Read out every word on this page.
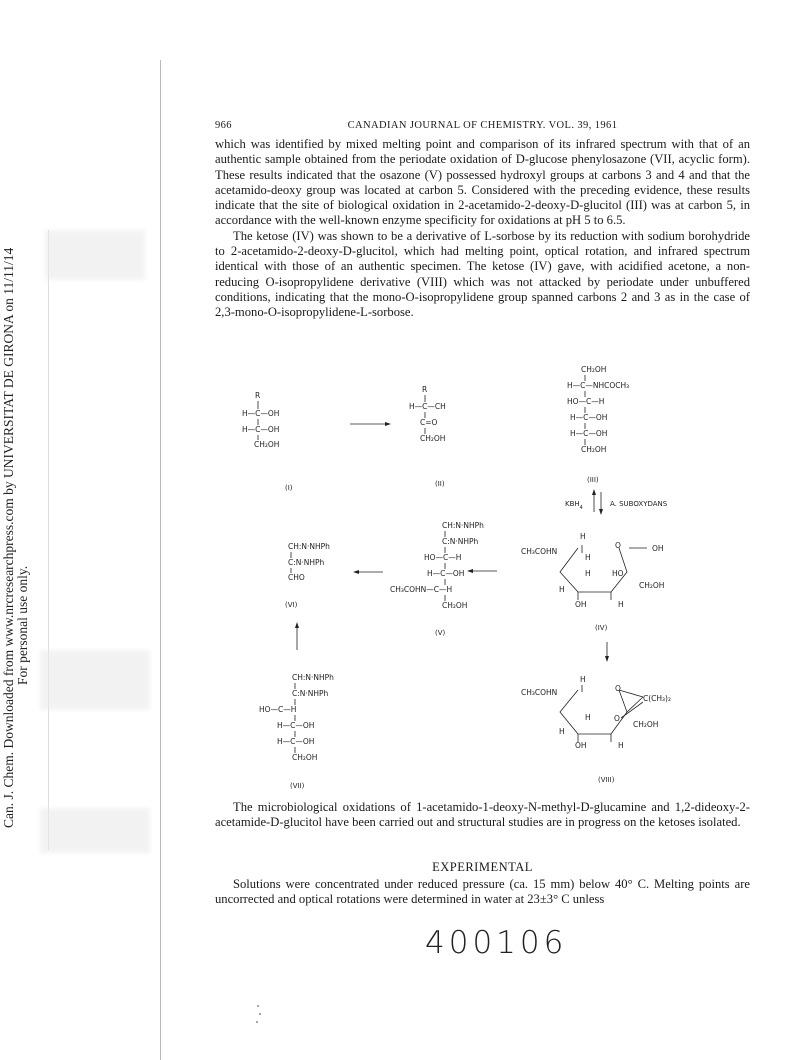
Can. J. Chem. Downloaded from www.nrcresearchpress.com by UNIVERSITAT DE GIRONA on 11/11/14 For personal use only.
966	CANADIAN JOURNAL OF CHEMISTRY. VOL. 39, 1961

which was identified by mixed melting point and comparison of its infrared spectrum with that of an authentic sample obtained from the periodate oxidation of D-glucose phenylosazone (VII, acyclic form). These results indicated that the osazone (V) possessed hydroxyl groups at carbons 3 and 4 and that the acetamido-deoxy group was located at carbon 5. Considered with the preceding evidence, these results indicate that the site of biological oxidation in 2-acetamido-2-deoxy-D-glucitol (III) was at carbon 5, in accordance with the well-known enzyme specificity for oxidations at pH 5 to 6.5.

The ketose (IV) was shown to be a derivative of L-sorbose by its reduction with sodium borohydride to 2-acetamido-2-deoxy-D-glucitol, which had melting point, optical rotation, and infrared spectrum identical with those of an authentic specimen. The ketose (IV) gave, with acidified acetone, a non-reducing O-isopropylidene derivative (VIII) which was not attacked by periodate under unbuffered conditions, indicating that the mono-O-isopropylidene group spanned carbons 2 and 3 as in the case of 2,3-mono-O-isopropylidene-L-sorbose.

R
H—C—OH
H—C—OH
CH₂OH
R
H—C—CH
C=O
CH₂OH
CH₂OH
H—C—NHCOCH₃
HO—C—H
H—C—OH
H—C—OH
CH₂OH
(I)	(II)	(III)
$KBH_4$	A. SUBOXYDANS
CH:N·NHPh
C:N·NHPh
CHO
(VI)
CH:N·NHPh
C:N·NHPh
HO—C—H
H—C—OH
CH₃COHN—C—H
CH₂OH
(V)
CH₃COHN
H
O	OH
H
H	HO
CH₂OH
H
OH	H
(IV)
CH:N·NHPh
C:N·NHPh
HO—C—H
H—C—OH
H—C—OH
CH₂OH
(VII)
CH₃COHN
H
O
C(CH₃)₂
H	O
CH₂OH
H
OH	H
(VIII)

The microbiological oxidations of 1-acetamido-1-deoxy-N-methyl-D-glucamine and 1,2-dideoxy-2-acetamide-D-glucitol have been carried out and structural studies are in progress on the ketoses isolated.

EXPERIMENTAL

Solutions were concentrated under reduced pressure (ca. 15 mm) below 40° C. Melting points are uncorrected and optical rotations were determined in water at 23±3° C unless

400106
